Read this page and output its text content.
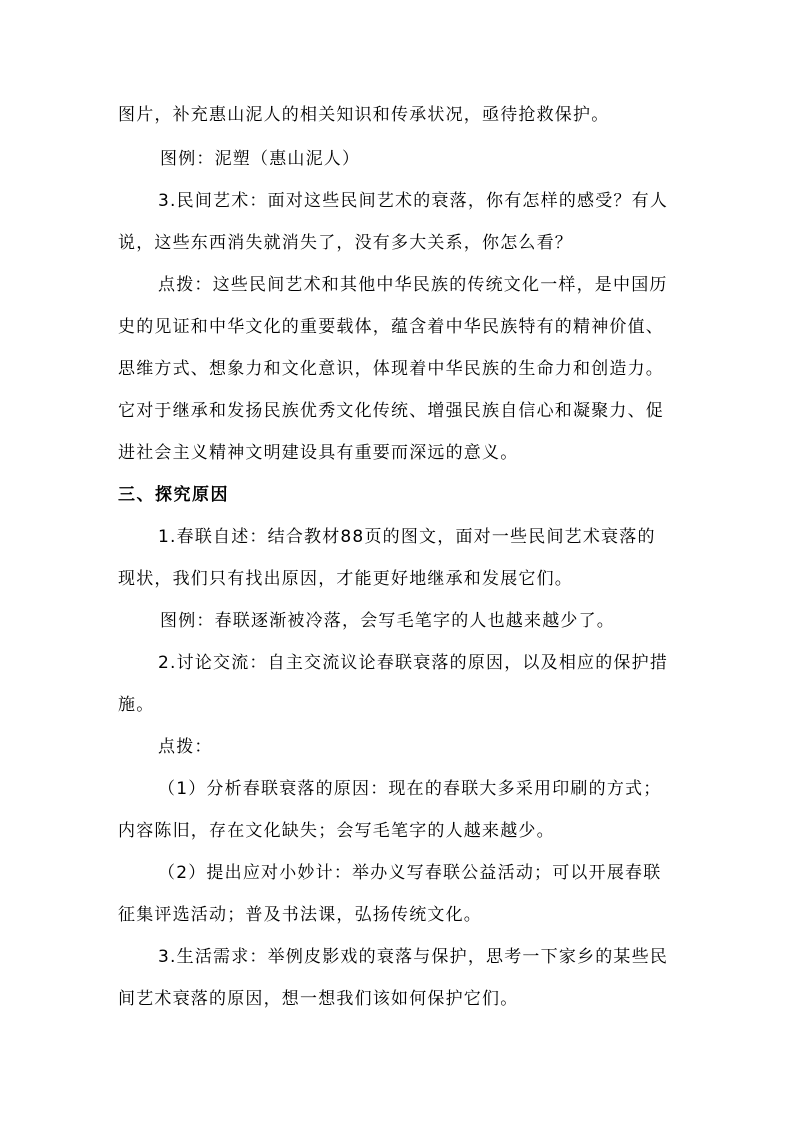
图片，补充惠山泥人的相关知识和传承状况，亟待抢救保护。

图例：泥塑（惠山泥人）

3.民间艺术：面对这些民间艺术的衰落，你有怎样的感受？有人

说，这些东西消失就消失了，没有多大关系，你怎么看？

点拨：这些民间艺术和其他中华民族的传统文化一样，是中国历

史的见证和中华文化的重要载体，蕴含着中华民族特有的精神价值、

思维方式、想象力和文化意识，体现着中华民族的生命力和创造力。

它对于继承和发扬民族优秀文化传统、增强民族自信心和凝聚力、促

进社会主义精神文明建设具有重要而深远的意义。

三、探究原因

1.春联自述：结合教材88页的图文，面对一些民间艺术衰落的

现状，我们只有找出原因，才能更好地继承和发展它们。

图例：春联逐渐被冷落，会写毛笔字的人也越来越少了。

2.讨论交流：自主交流议论春联衰落的原因，以及相应的保护措

施。

点拨：

（1）分析春联衰落的原因：现在的春联大多采用印刷的方式；

内容陈旧，存在文化缺失；会写毛笔字的人越来越少。

（2）提出应对小妙计：举办义写春联公益活动；可以开展春联

征集评选活动；普及书法课，弘扬传统文化。

3.生活需求：举例皮影戏的衰落与保护，思考一下家乡的某些民

间艺术衰落的原因，想一想我们该如何保护它们。
